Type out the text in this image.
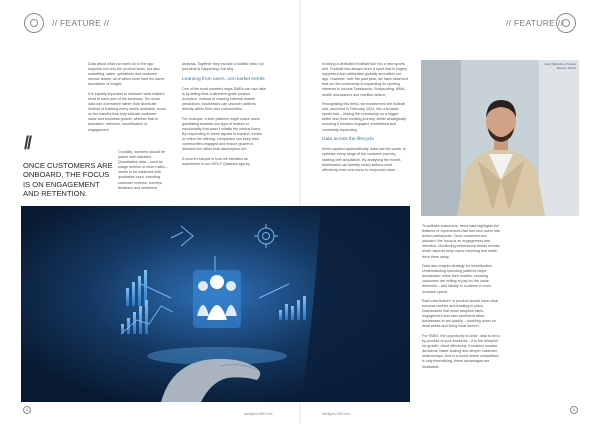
// FEATURE //	// FEATURE //

Data about what our users do in the app supports not only the product team, but also marketing, sales, operations and customer service teams, all of which work from the same foundation of insight.

It is equally important to measure what matters most to each part of the business. Too much data can overwhelm rather than illuminate. Instead of tracking every metric available, focus on the handful that truly indicate customer value and business growth, whether that is activation, retention, monetisation or engagement.

//
ONCE CUSTOMERS ARE ONBOARD, THE FOCUS IS ON ENGAGEMENT AND RETENTION.

Crucially, numbers should be paired with narrative. Quantitative data – such as usage metrics or churn rates – needs to be balanced with qualitative input, including customer reviews, surveys, feedback and sentiment

analysis. Together they provide a holistic view, not just what is happening, but why.

Learning from users, not market trends

One of the most powerful ways SMEs can use data is by letting their customers guide product evolution. Instead of chasing external market predictions, businesses can uncover patterns directly within their own communities.

For example, a tech platform might notice users gravitating towards one type of feature or functionality that wasn't initially the central focus. By responding to these signals to expand, evolve or refine the offering, companies can keep their communities engaged and ensure growth is demand-led rather than assumption-led.

A recent example is how we elevated an experience in our WOLF Qatarwin app by

evolving a dedicated football hub into a new sports hub. Football has always been a sport that is hugely supported and celebrated globally and within our app. However, over the past year, we have observed that our fan community is expanding its sporting interests to include Taekwondo, Bodysurfing, MMA, health discussions and nutrition advice.

Recognising this trend, we transformed the football hub, launched in February 2024, into a broader sports hub – linking the community on a bigger, better and more exciting journey, whilst strategically ensuring it remains engaged, entertained and constantly expanding.

Data across the lifecycle

When applied systematically, data has the power to optimise every stage of the customer journey, starting with acquisition. By analysing the funnel, businesses can identify which actions most effectively lead new users to reciprocal value.

Garry Mazarinov, Product
Director, WOLF

To activate customers, trend data highlights the features or experiences that turn new users into active participants. Once customers are onboard, the focus is on engagement and retention. Monitoring behavioural trends reveals which aspects keep users returning and which drive them away.

Data also shapes strategy for monetisation. Understanding spending patterns helps businesses refine their models, ensuring customers are willing to pay for the value delivered – and ideally to continue or even increase spend.

Each new feature or product should have clear success metrics and tracking in place. Dashboards that show adoption rates, engagement and user sentiment allow businesses to act quickly – doubling down on what works and fixing what doesn't.

For SMEs, the opportunity is clear: data is not a by-product of your business – it is the blueprint for growth. Used effectively, it enables smarter decisions, faster scaling and deeper customer relationships. And in a world where competition is only intensifying, these advantages are invaluable.

11
intelligent-SME.tech	intelligent-SME.tech
11
